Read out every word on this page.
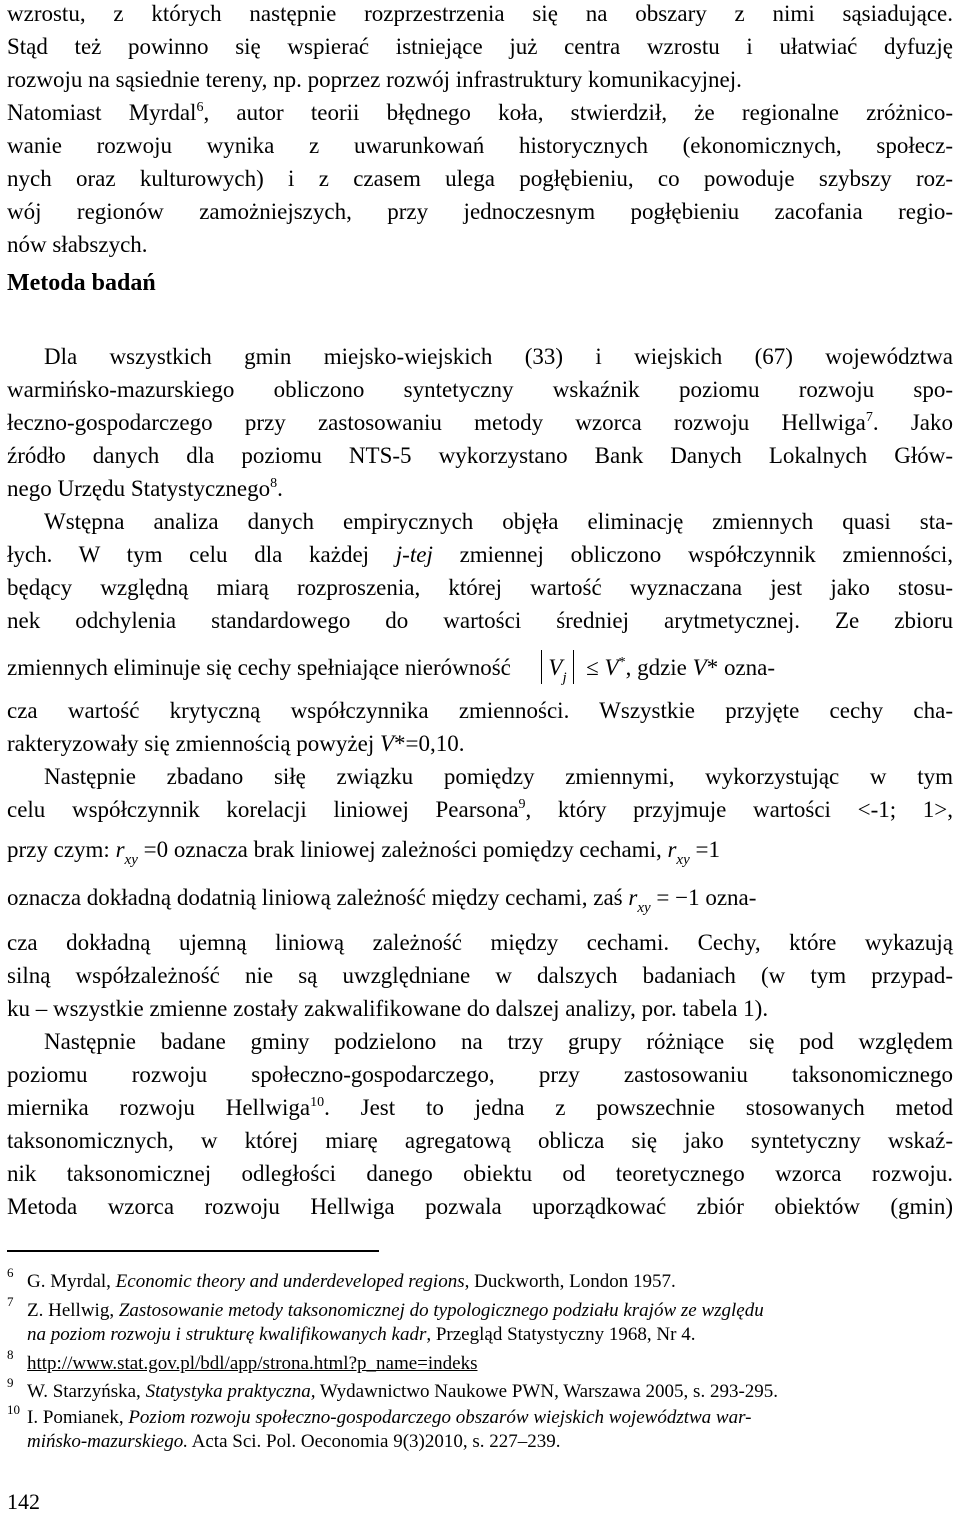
wzrostu, z których następnie rozprzestrzenia się na obszary z nimi sąsiadujące.
Stąd też powinno się wspierać istniejące już centra wzrostu i ułatwiać dyfuzję
rozwoju na sąsiednie tereny, np. poprzez rozwój infrastruktury komunikacyjnej.
Natomiast Myrdal$^6$, autor teorii błędnego koła, stwierdził, że regionalne zróżnico-
wanie rozwoju wynika z uwarunkowań historycznych (ekonomicznych, społecz-
nych oraz kulturowych) i z czasem ulega pogłębieniu, co powoduje szybszy roz-
wój regionów zamożniejszych, przy jednoczesnym pogłębieniu zacofania regio-
nów słabszych.
Metoda badań
Dla wszystkich gmin miejsko-wiejskich (33) i wiejskich (67) województwa
warmińsko-mazurskiego obliczono syntetyczny wskaźnik poziomu rozwoju spo-
łeczno-gospodarczego przy zastosowaniu metody wzorca rozwoju Hellwiga$^7$. Jako
źródło danych dla poziomu NTS-5 wykorzystano Bank Danych Lokalnych Głów-
nego Urzędu Statystycznego$^8$.
Wstępna analiza danych empirycznych objęła eliminację zmiennych quasi sta-
łych. W tym celu dla każdej j-tej zmiennej obliczono współczynnik zmienności,
będący względną miarą rozproszenia, której wartość wyznaczana jest jako stosu-
nek odchylenia standardowego do wartości średniej arytmetycznej. Ze zbioru
zmiennych eliminuje się cechy spełniające nierówność $V_j \le V^*$, gdzie V* ozna-
cza wartość krytyczną współczynnika zmienności. Wszystkie przyjęte cechy cha-
rakteryzowały się zmiennością powyżej V*=0,10.
Następnie zbadano siłę związku pomiędzy zmiennymi, wykorzystując w tym
celu współczynnik korelacji liniowej Pearsona$^9$, który przyjmuje wartości <-1; 1>,
przy czym: $r_{xy} =0$ oznacza brak liniowej zależności pomiędzy cechami, $r_{xy} =1$
oznacza dokładną dodatnią liniową zależność między cechami, zaś $r_{xy} = -1$ ozna-
cza dokładną ujemną liniową zależność między cechami. Cechy, które wykazują
silną współzależność nie są uwzględniane w dalszych badaniach (w tym przypad-
ku – wszystkie zmienne zostały zakwalifikowane do dalszej analizy, por. tabela 1).
Następnie badane gminy podzielono na trzy grupy różniące się pod względem
poziomu rozwoju społeczno-gospodarczego, przy zastosowaniu taksonomicznego
miernika rozwoju Hellwiga$^{10}$. Jest to jedna z powszechnie stosowanych metod
taksonomicznych, w której miarę agregatową oblicza się jako syntetyczny wskaź-
nik taksonomicznej odległości danego obiektu od teoretycznego wzorca rozwoju.
Metoda wzorca rozwoju Hellwiga pozwala uporządkować zbiór obiektów (gmin)
6 G. Myrdal, Economic theory and underdeveloped regions, Duckworth, London 1957.
7 Z. Hellwig, Zastosowanie metody taksonomicznej do typologicznego podziału krajów ze względu
na poziom rozwoju i strukturę kwalifikowanych kadr, Przegląd Statystyczny 1968, Nr 4.
8 http://www.stat.gov.pl/bdl/app/strona.html?p_name=indeks
9 W. Starzyńska, Statystyka praktyczna, Wydawnictwo Naukowe PWN, Warszawa 2005, s. 293-295.
10 I. Pomianek, Poziom rozwoju społeczno-gospodarczego obszarów wiejskich województwa war-
mińsko-mazurskiego. Acta Sci. Pol. Oeconomia 9(3)2010, s. 227–239.
142
